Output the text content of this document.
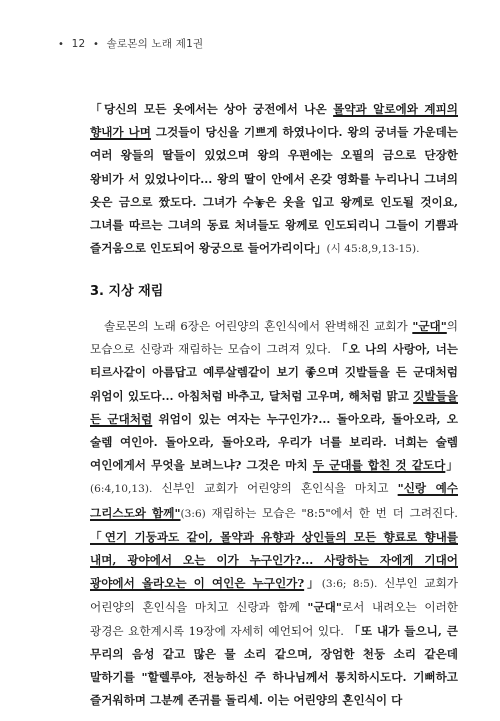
• 12 • 솔로몬의 노래 제1권
「당신의 모든 옷에서는 상아 궁전에서 나온 몰약과 알로에와 계피의 향내가 나며 그것들이 당신을 기쁘게 하였나이다. 왕의 궁녀들 가운데는 여러 왕들의 딸들이 있었으며 왕의 우편에는 오필의 금으로 단장한 왕비가 서 있었나이다... 왕의 딸이 안에서 온갖 영화를 누리나니 그녀의 옷은 금으로 짰도다. 그녀가 수놓은 옷을 입고 왕께로 인도될 것이요, 그녀를 따르는 그녀의 동료 처녀들도 왕께로 인도되리니 그들이 기쁨과 즐거움으로 인도되어 왕궁으로 들어가리이다」(시 45:8,9,13-15).
3. 지상 재림
솔로몬의 노래 6장은 어린양의 혼인식에서 완벽해진 교회가 "군대"의 모습으로 신랑과 재림하는 모습이 그려져 있다. 「오 나의 사랑아, 너는 티르사같이 아름답고 예루살렘같이 보기 좋으며 깃발들을 든 군대처럼 위엄이 있도다... 아침처럼 바추고, 달처럼 고우며, 해처럼 맑고 깃발들을 든 군대처럼 위엄이 있는 여자는 누구인가?... 돌아오라, 돌아오라, 오 술렘 여인아. 돌아오라, 돌아오라, 우리가 너를 보리라. 너희는 술렘 여인에게서 무엇을 보려느냐? 그것은 마치 두 군대를 합친 것 같도다」(6:4,10,13). 신부인 교회가 어린양의 혼인식을 마치고 "신랑 예수 그리스도와 함께"(3:6) 재림하는 모습은 "8:5"에서 한 번 더 그려진다. 「연기 기둥과도 같이, 몰약과 유향과 상인들의 모든 향료로 향내를 내며, 광야에서 오는 이가 누구인가?... 사랑하는 자에게 기대어 광야에서 올라오는 이 여인은 누구인가?」(3:6; 8:5). 신부인 교회가 어린양의 혼인식을 마치고 신랑과 함께 "군대"로서 내려오는 이러한 광경은 요한계시록 19장에 자세히 예언되어 있다. 「또 내가 들으니, 큰 무리의 음성 같고 많은 물 소리 같으며, 장엄한 천둥 소리 같은데 말하기를 "할렐루야, 전능하신 주 하나님께서 통치하시도다. 기뻐하고 즐거워하며 그분께 존귀를 돌리세. 이는 어린양의 혼인식이 다
